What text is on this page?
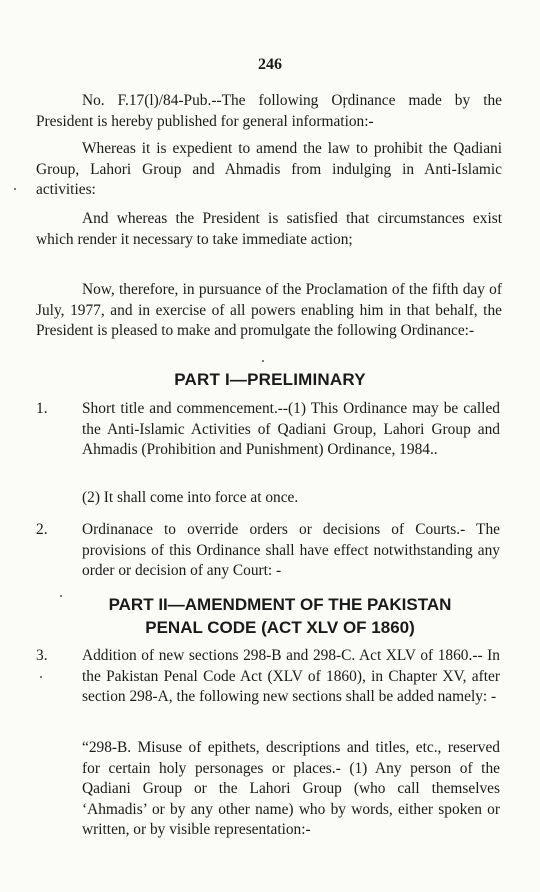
246
No. F.17(l)/84-Pub.--The following Oŗdinance made by the President is hereby published for general information:-
Whereas it is expedient to amend the law to prohibit the Qadiani Group, Lahori Group and Ahmadis from indulging in Anti-Islamic activities:
And whereas the President is satisfied that circumstances exist which render it necessary to take immediate action;
Now, therefore, in pursuance of the Proclamation of the fifth day of July, 1977, and in exercise of all powers enabling him in that behalf, the President is pleased to make and promulgate the following Ordinance:-
PART I—PRELIMINARY
1. Short title and commencement.--(1) This Ordinance may be called the Anti-Islamic Activities of Qadiani Group, Lahori Group and Ahmadis (Prohibition and Punishment) Ordinance, 1984..
(2) It shall come into force at once.
2. Ordinanace to override orders or decisions of Courts.- The provisions of this Ordinance shall have effect notwithstanding any order or decision of any Court: -
PART II—AMENDMENT OF THE PAKISTAN
PENAL CODE (ACT XLV OF 1860)
3. Addition of new sections 298-B and 298-C. Act XLV of 1860.-- In the Pakistan Penal Code Act (XLV of 1860), in Chapter XV, after section 298-A, the following new sections shall be added namely: -
“298-B. Misuse of epithets, descriptions and titles, etc., reserved for certain holy personages or places.- (1) Any person of the Qadiani Group or the Lahori Group (who call themselves ‘Ahmadis’ or by any other name) who by words, either spoken or written, or by visible representation:-
